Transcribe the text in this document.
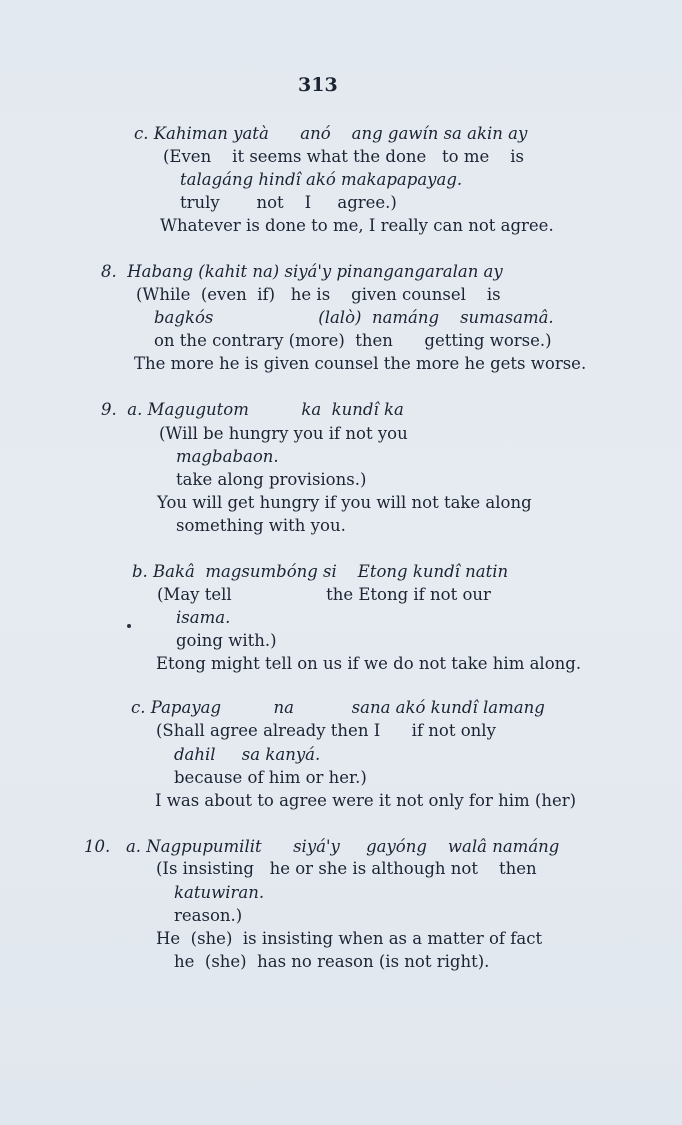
313
c. Kahiman yatà      anó    ang gawín sa akin ay
(Even    it seems what the done   to me    is
talagáng hindî akó makapapayag.
truly       not    I     agree.)
Whatever is done to me, I really can not agree.
8.  Habang (kahit na) siyá'y pinangangaralan ay
(While  (even  if)   he is    given counsel    is
bagkós                    (lalò)  namáng    sumasamâ.
on the contrary (more)  then      getting worse.)
The more he is given counsel the more he gets worse.
9.  a. Magugutom          ka  kundî ka
(Will be hungry you if not you
magbabaon.
take along provisions.)
You will get hungry if you will not take along
something with you.
b. Bakâ  magsumbóng si    Etong kundî natin
(May tell                  the Etong if not our
isama.
going with.)
Etong might tell on us if we do not take him along.
c. Papayag          na           sana akó kundî lamang
(Shall agree already then I      if not only
dahil     sa kanyá.
because of him or her.)
I was about to agree were it not only for him (her)
10.   a. Nagpupumilit      siyá'y     gayóng    walâ namáng
(Is insisting   he or she is although not    then
katuwiran.
reason.)
He  (she)  is insisting when as a matter of fact
he  (she)  has no reason (is not right).
